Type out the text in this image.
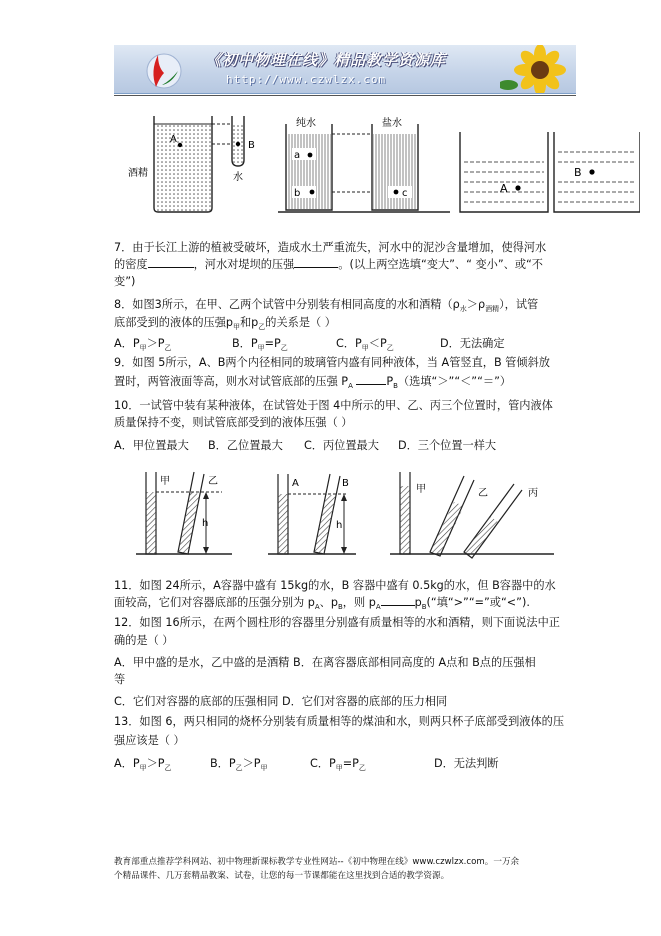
《初中物理在线》精品教学资源库
http://www.czwlzx.com
A
B
酒精	水
纯水	盐水
a
b	c	A
B
7．由于长江上游的植被受破坏，造成水土严重流失，河水中的泥沙含量增加，使得河水
的密度	，河水对堤坝的压强	。(以上两空选填“变大”、“ 变小”、或“不
变”)
8．如图3所示，在甲、乙两个试管中分别装有相同高度的水和酒精$(\rho_水>\rho_{酒精})$，试管
底部受到的液体的压强$p_甲$和$p_乙$的关系是（ ）
A．$P_甲>P_乙$	B．$P_甲=P_乙$	C．$P_甲<P_乙$	D．无法确定
9．如图 5所示，A、B两个内径相同的玻璃管内盛有同种液体，当 A管竖直，B 管倾斜放
置时，两管液面等高，则水对试管底部的压强 $P_A$	$P_B$（选填“＞”“＜”“＝”）
10．一试管中装有某种液体，在试管处于图 4中所示的甲、乙、丙三个位置时，管内液体
质量保持不变，则试管底部受到的液体压强（ ）
A．甲位置最大 B．乙位置最大 C．丙位置最大 D．三个位置一样大
甲	乙
h
A	B
h
甲	乙	丙
11．如图 24所示，A容器中盛有 15kg的水，B 容器中盛有 0.5kg的水，但 B容器中的水
面较高，它们对容器底部的压强分别为 $p_A$、$p_B$，则 $p_A$	$p_B(“$填“>”“=”或“<”).
12．如图 16所示，在两个圆柱形的容器里分别盛有质量相等的水和酒精，则下面说法中正
确的是（ ）
A．甲中盛的是水，乙中盛的是酒精 B．在离容器底部相同高度的 A点和 B点的压强相
等
C．它们对容器的底部的压强相同 D．它们对容器的底部的压力相同
13．如图 6，两只相同的烧杯分别装有质量相等的煤油和水，则两只杯子底部受到液体的压
强应该是（ ）
A．$P_甲>P_乙$	B．$P_乙>P_甲$	C．$P_甲=P_乙$	D．无法判断
教育部重点推荐学科网站、初中物理新课标教学专业性网站--《初中物理在线》www.czwlzx.com。一万余
个精品课件、几万套精品教案、试卷，让您的每一节课都能在这里找到合适的教学资源。
